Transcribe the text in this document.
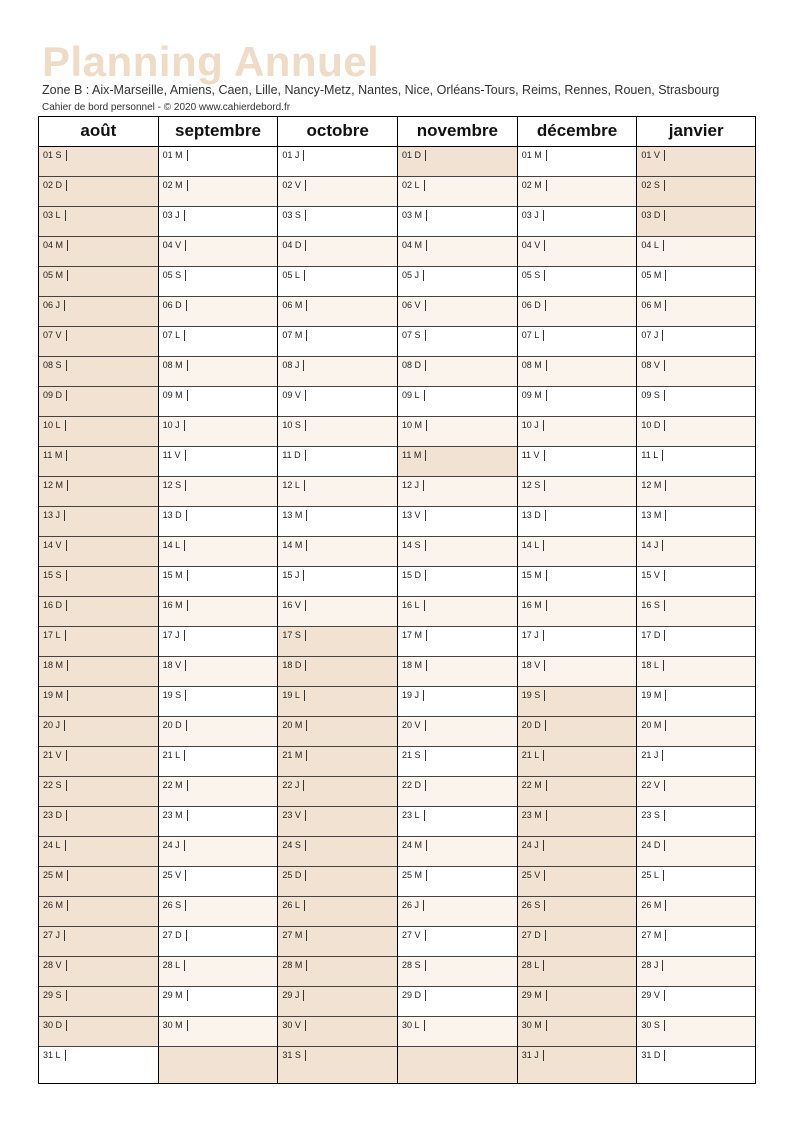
Planning Annuel
Zone B : Aix-Marseille, Amiens, Caen, Lille, Nancy-Metz, Nantes, Nice, Orléans-Tours, Reims, Rennes, Rouen, Strasbourg
Cahier de bord personnel - © 2020 www.cahierdebord.fr
août
01 S
02 D
03 L
04 M
05 M
06 J
07 V
08 S
09 D
10 L
11 M
12 M
13 J
14 V
15 S
16 D
17 L
18 M
19 M
20 J
21 V
22 S
23 D
24 L
25 M
26 M
27 J
28 V
29 S
30 D
31 L
septembre
01 M
02 M
03 J
04 V
05 S
06 D
07 L
08 M
09 M
10 J
11 V
12 S
13 D
14 L
15 M
16 M
17 J
18 V
19 S
20 D
21 L
22 M
23 M
24 J
25 V
26 S
27 D
28 L
29 M
30 M
octobre
01 J
02 V
03 S
04 D
05 L
06 M
07 M
08 J
09 V
10 S
11 D
12 L
13 M
14 M
15 J
16 V
17 S
18 D
19 L
20 M
21 M
22 J
23 V
24 S
25 D
26 L
27 M
28 M
29 J
30 V
31 S
novembre
01 D
02 L
03 M
04 M
05 J
06 V
07 S
08 D
09 L
10 M
11 M
12 J
13 V
14 S
15 D
16 L
17 M
18 M
19 J
20 V
21 S
22 D
23 L
24 M
25 M
26 J
27 V
28 S
29 D
30 L
décembre
01 M
02 M
03 J
04 V
05 S
06 D
07 L
08 M
09 M
10 J
11 V
12 S
13 D
14 L
15 M
16 M
17 J
18 V
19 S
20 D
21 L
22 M
23 M
24 J
25 V
26 S
27 D
28 L
29 M
30 M
31 J
janvier
01 V
02 S
03 D
04 L
05 M
06 M
07 J
08 V
09 S
10 D
11 L
12 M
13 M
14 J
15 V
16 S
17 D
18 L
19 M
20 M
21 J
22 V
23 S
24 D
25 L
26 M
27 M
28 J
29 V
30 S
31 D
